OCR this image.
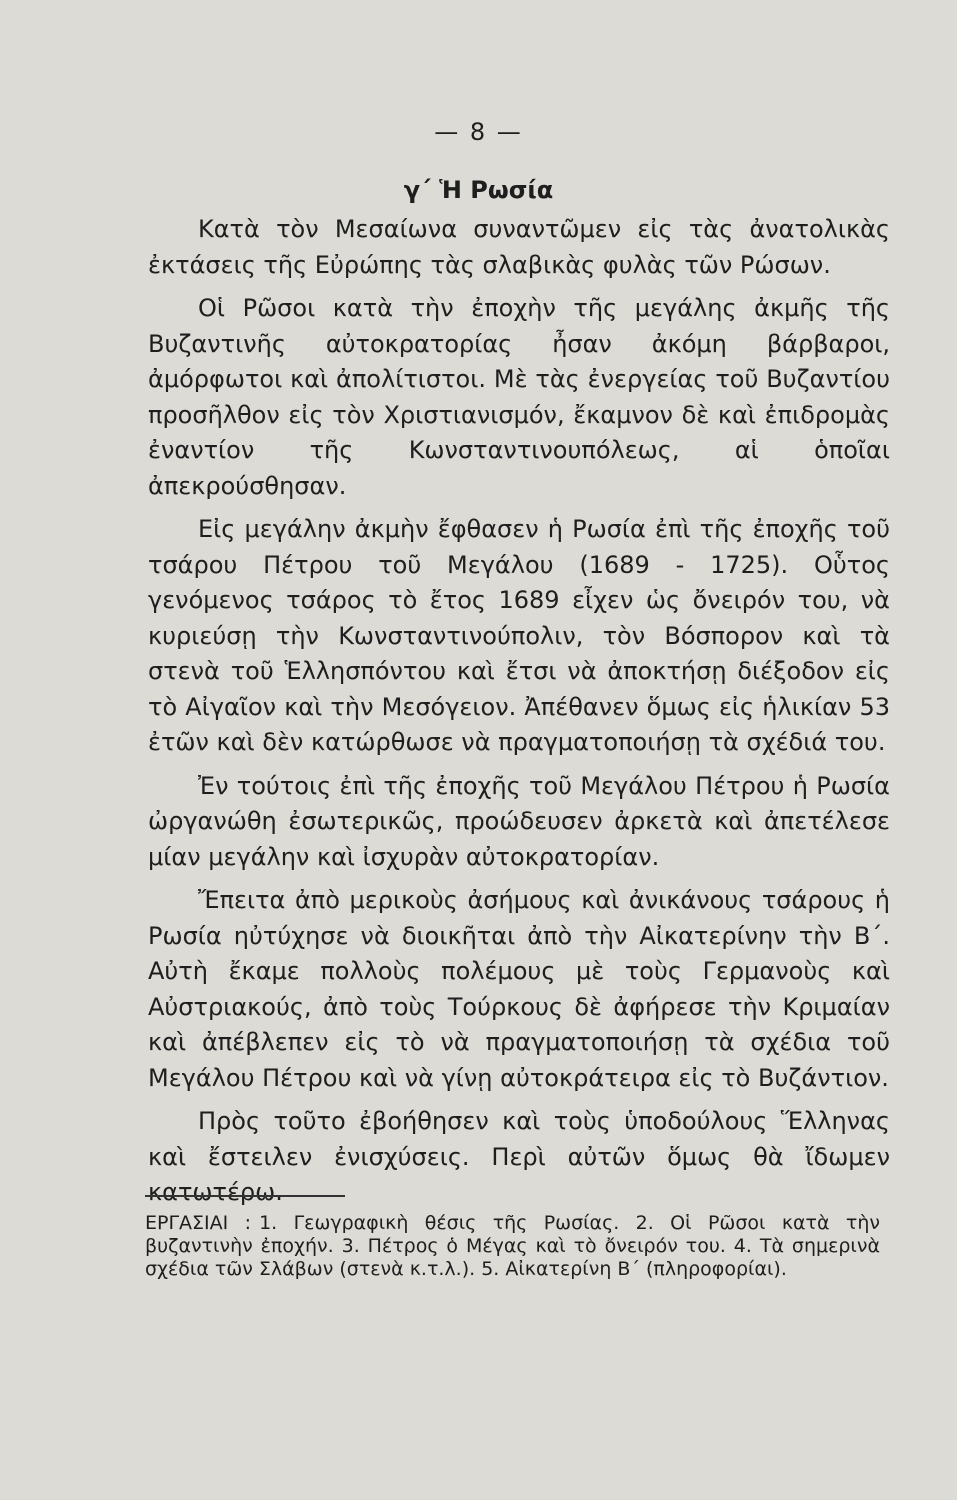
— 8 —
γ΄ Ἡ Ρωσία

Κατὰ τὸν Μεσαίωνα συναντῶμεν εἰς τὰς ἀνατολικὰς ἐκτάσεις τῆς Εὐρώπης τὰς σλαβικὰς φυλὰς τῶν Ρώσων.

Οἱ Ρῶσοι κατὰ τὴν ἐποχὴν τῆς μεγάλης ἀκμῆς τῆς Βυζαντινῆς αὐτοκρατορίας ἦσαν ἀκόμη βάρβαροι, ἀμόρφωτοι καὶ ἀπολίτιστοι. Μὲ τὰς ἐνεργείας τοῦ Βυζαντίου προσῆλθον εἰς τὸν Χριστιανισμόν, ἔκαμνον δὲ καὶ ἐπιδρομὰς ἐναντίον τῆς Κωνσταντινουπόλεως, αἱ ὁποῖαι ἀπεκρούσθησαν.

Εἰς μεγάλην ἀκμὴν ἔφθασεν ἡ Ρωσία ἐπὶ τῆς ἐποχῆς τοῦ τσάρου Πέτρου τοῦ Μεγάλου (1689 - 1725). Οὗτος γενόμενος τσάρος τὸ ἔτος 1689 εἶχεν ὡς ὄνειρόν του, νὰ κυριεύσῃ τὴν Κωνσταντινούπολιν, τὸν Βόσπορον καὶ τὰ στενὰ τοῦ Ἑλλησπόντου καὶ ἔτσι νὰ ἀποκτήσῃ διέξοδον εἰς τὸ Αἰγαῖον καὶ τὴν Μεσόγειον. Ἀπέθανεν ὅμως εἰς ἡλικίαν 53 ἐτῶν καὶ δὲν κατώρθωσε νὰ πραγματοποιήσῃ τὰ σχέδιά του.

Ἐν τούτοις ἐπὶ τῆς ἐποχῆς τοῦ Μεγάλου Πέτρου ἡ Ρωσία ὠργανώθη ἐσωτερικῶς, προώδευσεν ἀρκετὰ καὶ ἀπετέλεσε μίαν μεγάλην καὶ ἰσχυρὰν αὐτοκρατορίαν.

Ἔπειτα ἀπὸ μερικοὺς ἀσήμους καὶ ἀνικάνους τσάρους ἡ Ρωσία ηὐτύχησε νὰ διοικῆται ἀπὸ τὴν Αἰκατερίνην τὴν Β΄. Αὐτὴ ἔκαμε πολλοὺς πολέμους μὲ τοὺς Γερμανοὺς καὶ Αὐστριακούς, ἀπὸ τοὺς Τούρκους δὲ ἀφήρεσε τὴν Κριμαίαν καὶ ἀπέβλεπεν εἰς τὸ νὰ πραγματοποιήσῃ τὰ σχέδια τοῦ Μεγάλου Πέτρου καὶ νὰ γίνῃ αὐτοκράτειρα εἰς τὸ Βυζάντιον.

Πρὸς τοῦτο ἐβοήθησεν καὶ τοὺς ὑποδούλους Ἕλληνας καὶ ἔστειλεν ἐνισχύσεις. Περὶ αὐτῶν ὅμως θὰ ἴδωμεν κατωτέρω.

ΕΡΓΑΣΙΑΙ : 1. Γεωγραφικὴ θέσις τῆς Ρωσίας. 2. Οἱ Ρῶσοι κατὰ τὴν βυζαντινὴν ἐποχήν. 3. Πέτρος ὁ Μέγας καὶ τὸ ὄνειρόν του. 4. Τὰ σημερινὰ σχέδια τῶν Σλάβων (στενὰ κ.τ.λ.). 5. Αἰκατερίνη Β΄ (πληροφορίαι).
